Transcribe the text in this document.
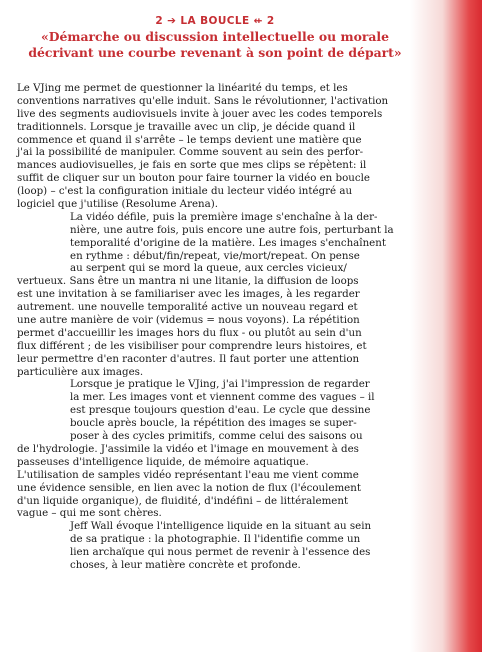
2 ➔ LA BOUCLE ⇷ 2
«Démarche ou discussion intellectuelle ou morale
décrivant une courbe revenant à son point de départ»
Le VJing me permet de questionner la linéarité du temps, et les
conventions narratives qu'elle induit. Sans le révolutionner, l'activation
live des segments audiovisuels invite à jouer avec les codes temporels
traditionnels. Lorsque je travaille avec un clip, je décide quand il
commence et quand il s'arrête – le temps devient une matière que
j'ai la possibilité de manipuler. Comme souvent au sein des perfor-
mances audiovisuelles, je fais en sorte que mes clips se répètent: il
suffit de cliquer sur un bouton pour faire tourner la vidéo en boucle
(loop) – c'est la configuration initiale du lecteur vidéo intégré au
logiciel que j'utilise (Resolume Arena).
La vidéo défile, puis la première image s'enchaîne à la der-
nière, une autre fois, puis encore une autre fois, perturbant la
temporalité d'origine de la matière. Les images s'enchaînent
en rythme : début/fin/repeat, vie/mort/repeat. On pense
au serpent qui se mord la queue, aux cercles vicieux/
vertueux. Sans être un mantra ni une litanie, la diffusion de loops
est une invitation à se familiariser avec les images, à les regarder
autrement. une nouvelle temporalité active un nouveau regard et
une autre manière de voir (videmus = nous voyons). La répétition
permet d'accueillir les images hors du flux - ou plutôt au sein d'un
flux différent ; de les visibiliser pour comprendre leurs histoires, et
leur permettre d'en raconter d'autres. Il faut porter une attention
particulière aux images.
Lorsque je pratique le VJing, j'ai l'impression de regarder
la mer. Les images vont et viennent comme des vagues – il
est presque toujours question d'eau. Le cycle que dessine
boucle après boucle, la répétition des images se super-
poser à des cycles primitifs, comme celui des saisons ou
de l'hydrologie. J'assimile la vidéo et l'image en mouvement à des
passeuses d'intelligence liquide, de mémoire aquatique.
L'utilisation de samples vidéo représentant l'eau me vient comme
une évidence sensible, en lien avec la notion de flux (l'écoulement
d'un liquide organique), de fluidité, d'indéfini – de littéralement
vague – qui me sont chères.
Jeff Wall évoque l'intelligence liquide en la situant au sein
de sa pratique : la photographie. Il l'identifie comme un
lien archaïque qui nous permet de revenir à l'essence des
choses, à leur matière concrète et profonde.
